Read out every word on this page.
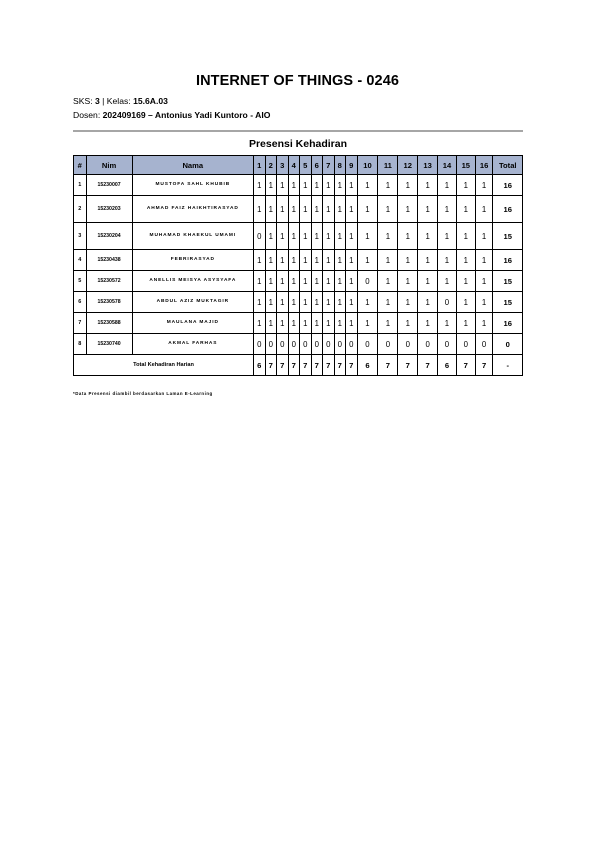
INTERNET OF THINGS - 0246
SKS: 3 | Kelas: 15.6A.03
Dosen: 202409169 – Antonius Yadi Kuntoro - AIO
Presensi Kehadiran
#	Nim	Nama	1	2	3	4	5	6	7	8	9	10	11	12	13	14	15	16	Total
1	15230007	MUSTOFA SAHL KHUBIB	1	1	1	1	1	1	1	1	1	1	1	1	1	1	1	1	16
2	15230203	AHMAD FAIZ HAIKHTIRASYAD	1	1	1	1	1	1	1	1	1	1	1	1	1	1	1	1	16
3	15230204	MUHAMAD KHAEKUL UMAMI	0	1	1	1	1	1	1	1	1	1	1	1	1	1	1	1	15
4	15230438	FEBRIRASYAD	1	1	1	1	1	1	1	1	1	1	1	1	1	1	1	1	16
5	15230572	ANELLIS MEISYA ASYSYAFA	1	1	1	1	1	1	1	1	1	0	1	1	1	1	1	1	15
6	15230578	ABDUL AZIZ MUKTAGIR	1	1	1	1	1	1	1	1	1	1	1	1	1	0	1	1	15
7	15230588	MAULANA MAJID	1	1	1	1	1	1	1	1	1	1	1	1	1	1	1	1	16
8	15230740	AKMAL FARHAS	0	0	0	0	0	0	0	0	0	0	0	0	0	0	0	0	0
Total Kehadiran Harian			6	7	7	7	7	7	7	7	7	6	7	7	7	6	7	7	-
*Data Presensi diambil berdasarkan Laman E-Learning
